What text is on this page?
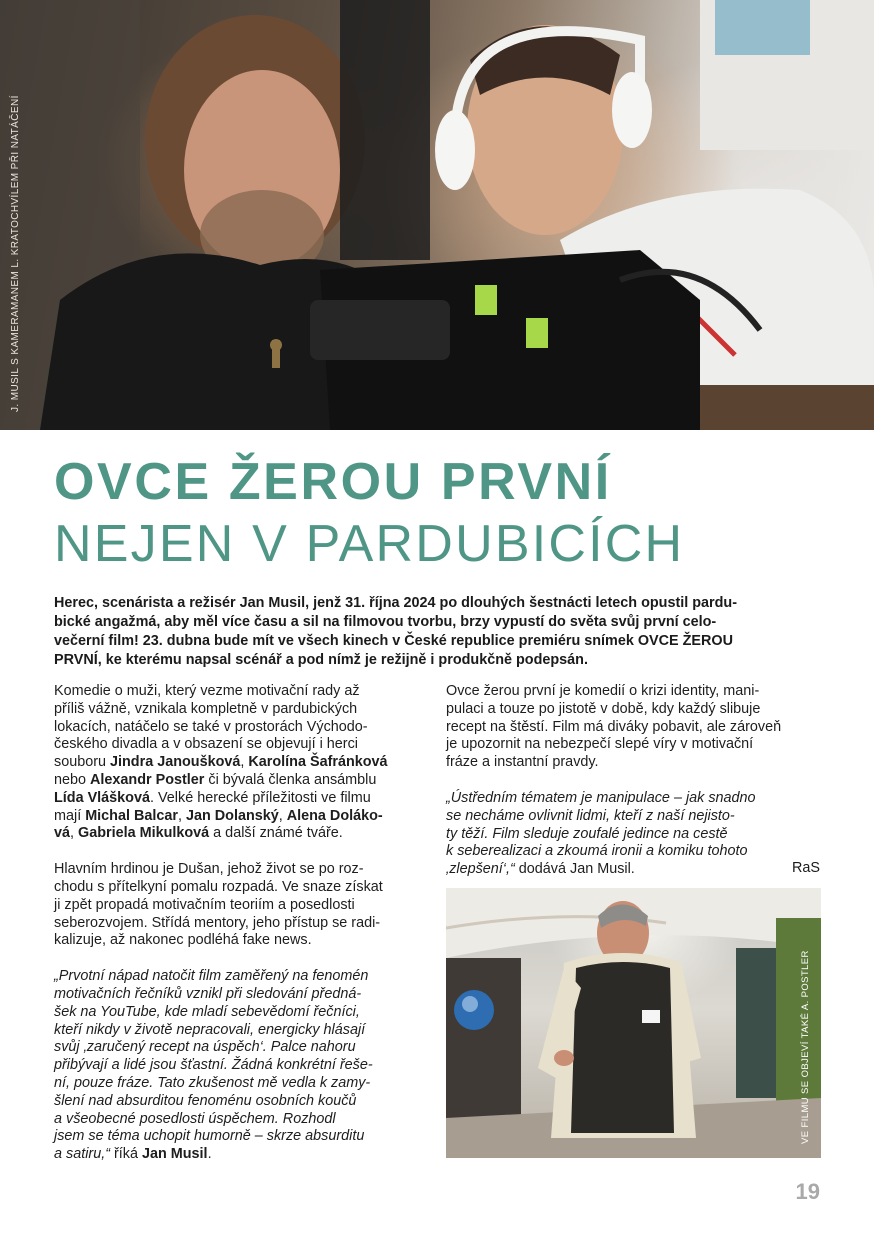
J. MUSIL S KAMERAMANEM L. KRATOCHVÍLEM PŘI NATÁČENÍ
OVCE ŽEROU PRVNÍ
NEJEN V PARDUBICÍCH

Herec, scenárista a režisér Jan Musil, jenž 31. října 2024 po dlouhých šestnácti letech opustil pardu-
bické angažmá, aby měl více času a sil na filmovou tvorbu, brzy vypustí do světa svůj první celo-
večerní film! 23. dubna bude mít ve všech kinech v České republice premiéru snímek OVCE ŽEROU
PRVNÍ, ke kterému napsal scénář a pod nímž je režijně i produkčně podepsán.

Komedie o muži, který vezme motivační rady až
příliš vážně, vznikala kompletně v pardubických
lokacích, natáčelo se také v prostorách Východo-
českého divadla a v obsazení se objevují i herci
souboru Jindra Janoušková, Karolína Šafránková
nebo Alexandr Postler či bývalá členka ansámblu
Lída Vlášková. Velké herecké příležitosti ve filmu
mají Michal Balcar, Jan Dolanský, Alena Doláko-
vá, Gabriela Mikulková a další známé tváře.

Hlavním hrdinou je Dušan, jehož život se po roz-
chodu s přítelkyní pomalu rozpadá. Ve snaze získat
ji zpět propadá motivačním teoriím a posedlosti
seberozvojem. Střídá mentory, jeho přístup se radi-
kalizuje, až nakonec podléhá fake news.

„Prvotní nápad natočit film zaměřený na fenomén
motivačních řečníků vznikl při sledování předná-
šek na YouTube, kde mladí sebevědomí řečníci,
kteří nikdy v životě nepracovali, energicky hlásají
svůj ‚zaručený recept na úspěch‘. Palce nahoru
přibývají a lidé jsou šťastní. Žádná konkrétní řeše-
ní, pouze fráze. Tato zkušenost mě vedla k zamy-
šlení nad absurditou fenoménu osobních koučů
a všeobecné posedlosti úspěchem. Rozhodl
jsem se téma uchopit humorně – skrze absurditu
a satiru,“ říká Jan Musil.

Ovce žerou první je komedií o krizi identity, mani-
pulaci a touze po jistotě v době, kdy každý slibuje
recept na štěstí. Film má diváky pobavit, ale zároveň
je upozornit na nebezpečí slepé víry v motivační
fráze a instantní pravdy.

„Ústředním tématem je manipulace – jak snadno
se necháme ovlivnit lidmi, kteří z naší nejisto-
ty těží. Film sleduje zoufalé jedince na cestě
k seberealizaci a zkoumá ironii a komiku tohoto
‚zlepšení‘,“ dodává Jan Musil.	RaS
VE FILMU SE OBJEVÍ TAKÉ A. POSTLER
19
